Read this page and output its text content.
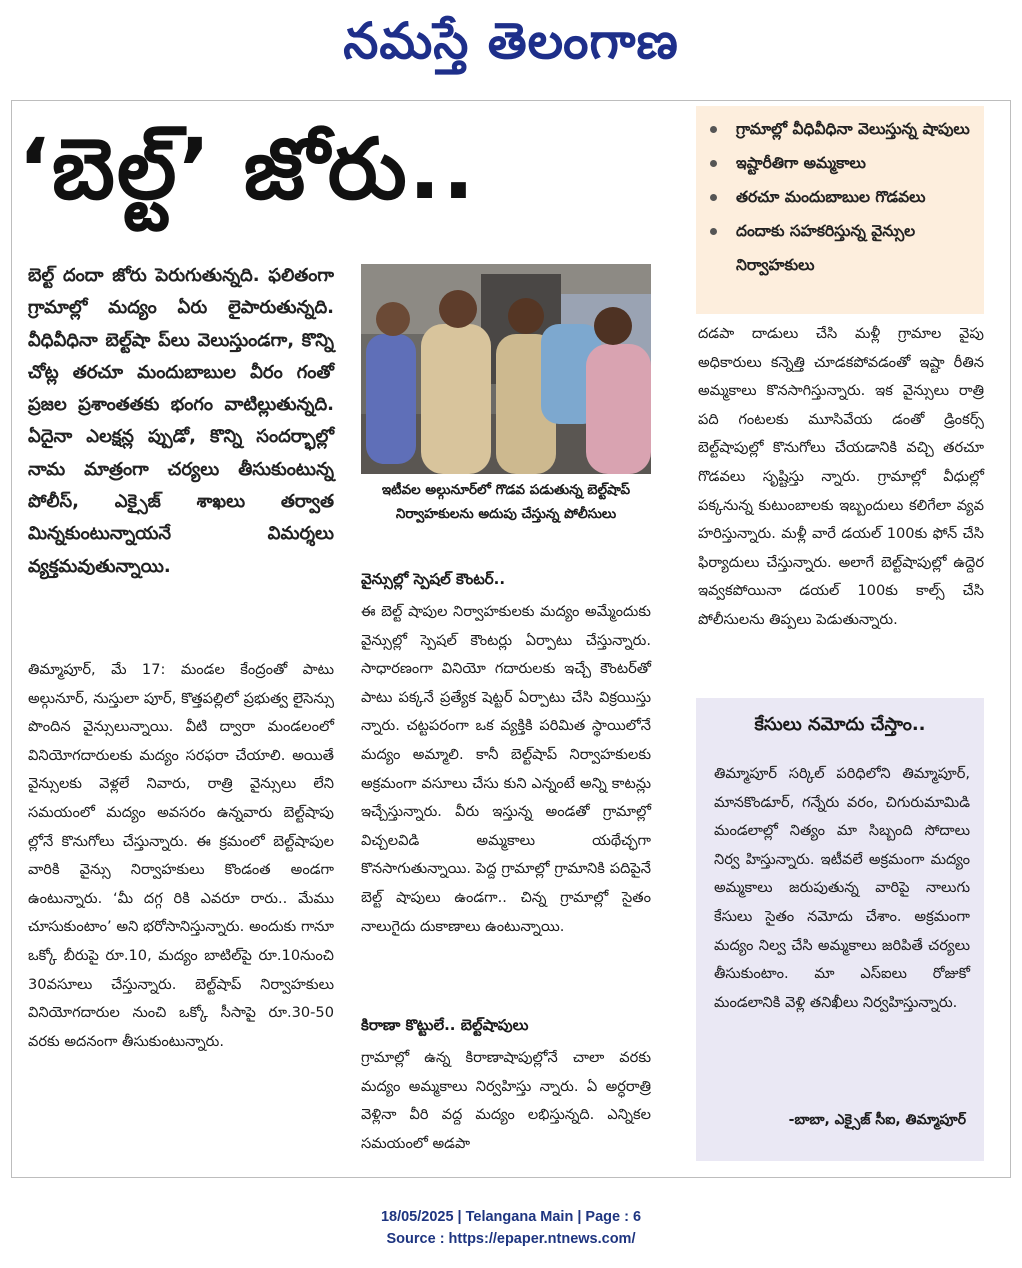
నమస్తే తెలంగాణ
‘బెల్ట్’ జోరు..

బెల్ట్ దందా జోరు పెరుగుతున్నది. ఫలితంగా గ్రామాల్లో మద్యం ఏరు లైపారుతున్నది. వీధివీధినా బెల్ట్‌షా ప్‌లు వెలుస్తుండగా, కొన్ని చోట్ల తరచూ మందుబాబుల వీరం గంతో ప్రజల ప్రశాంతతకు భంగం వాటిల్లుతున్నది. ఏదైనా ఎలక్షన్ల ప్పుడో, కొన్ని సందర్భాల్లో నామ మాత్రంగా చర్యలు తీసుకుంటున్న పోలీస్, ఎక్సైజ్ శాఖలు తర్వాత మిన్నకుంటున్నాయనే విమర్శలు వ్యక్తమవుతున్నాయి.

తిమ్మాపూర్, మే 17: మండల కేంద్రంతో పాటు అల్గునూర్, నుస్తులా పూర్, కొత్తపల్లిలో ప్రభుత్వ లైసెన్సు పొందిన వైన్సులున్నాయి. వీటి ద్వారా మండలంలో వినియోగదారులకు మద్యం సరఫరా చేయాలి. అయితే వైన్సులకు వెళ్లలే నివారు, రాత్రి వైన్సులు లేని సమయంలో మద్యం అవసరం ఉన్నవారు బెల్ట్‌షాపు ల్లోనే కొనుగోలు చేస్తున్నారు. ఈ క్రమంలో బెల్ట్‌షాపుల వారికి వైన్సు నిర్వాహకులు కొండంత అండగా ఉంటున్నారు. ‘మీ దగ్గ రికి ఎవరూ రారు.. మేము చూసుకుంటాం’ అని భరోసానిస్తున్నారు. అందుకు గానూ ఒక్కో బీరుపై రూ.10, మద్యం బాటిల్‌పై రూ.10నుంచి 30వసూలు చేస్తున్నారు. బెల్ట్‌షాప్ నిర్వాహకులు వినియోగదారుల నుంచి ఒక్కో సీసాపై రూ.30-50 వరకు అదనంగా తీసుకుంటున్నారు.

ఇటీవల అల్గునూర్‌లో గొడవ పడుతున్న బెల్ట్‌షాప్ నిర్వాహకులను అదుపు చేస్తున్న పోలీసులు
వైన్సుల్లో స్పెషల్ కౌంటర్..

ఈ బెల్ట్ షాపుల నిర్వాహకులకు మద్యం అమ్మేందుకు వైన్సుల్లో స్పెషల్ కౌంటర్లు ఏర్పాటు చేస్తున్నారు. సాధారణంగా వినియో గదారులకు ఇచ్చే కౌంటర్‌తో పాటు పక్కనే ప్రత్యేక షెట్టర్ ఏర్పాటు చేసి విక్రయిస్తు న్నారు. చట్టపరంగా ఒక వ్యక్తికి పరిమిత స్థాయిలోనే మద్యం అమ్మాలి. కానీ బెల్ట్‌షాప్ నిర్వాహకులకు అక్రమంగా వసూలు చేసు కుని ఎన్నంటే అన్ని కాటన్లు ఇచ్చేస్తున్నారు. వీరు ఇస్తున్న అండతో గ్రామాల్లో విచ్చలవిడి అమ్మకాలు యథేచ్ఛగా కొనసాగుతున్నాయి. పెద్ద గ్రామాల్లో గ్రామానికి పదిపైనే బెల్ట్ షాపులు ఉండగా.. చిన్న గ్రామాల్లో సైతం నాలుగైదు దుకాణాలు ఉంటున్నాయి.

కిరాణా కొట్టులే.. బెల్ట్‌షాపులు

గ్రామాల్లో ఉన్న కిరాణాషాపుల్లోనే చాలా వరకు మద్యం అమ్మకాలు నిర్వహిస్తు న్నారు. ఏ అర్ధరాత్రి వెళ్లినా వీరి వద్ద మద్యం లభిస్తున్నది. ఎన్నికల సమయంలో అడపా

గ్రామాల్లో వీధివీధినా వెలుస్తున్న షాపులు
ఇష్టారీతిగా అమ్మకాలు
తరచూ మందుబాబుల గొడవలు
దందాకు సహకరిస్తున్న వైన్సుల నిర్వాహకులు

దడపా దాడులు చేసి మళ్లీ గ్రామాల వైపు అధికారులు కన్నెత్తి చూడకపోవడంతో ఇష్టా రీతిన అమ్మకాలు కొనసాగిస్తున్నారు. ఇక వైన్సులు రాత్రి పది గంటలకు మూసివేయ డంతో డ్రింకర్స్ బెల్ట్‌షాపుల్లో కొనుగోలు చేయడానికి వచ్చి తరచూ గొడవలు సృష్టిస్తు న్నారు. గ్రామాల్లో వీధుల్లో పక్కనున్న కుటుంబాలకు ఇబ్బందులు కలిగేలా వ్యవ హరిస్తున్నారు. మళ్లీ వారే డయల్ 100కు ఫోన్ చేసి ఫిర్యాదులు చేస్తున్నారు. అలాగే బెల్ట్‌షాపుల్లో ఉద్దెర ఇవ్వకపోయినా డయల్ 100కు కాల్స్ చేసి పోలీసులను తిప్పలు పెడుతున్నారు.

కేసులు నమోదు చేస్తాం..
తిమ్మాపూర్ సర్కిల్ పరిధిలోని తిమ్మాపూర్, మానకొండూర్, గన్నేరు వరం, చిగురుమామిడి మండలాల్లో నిత్యం మా సిబ్బంది సోదాలు నిర్వ హిస్తున్నారు. ఇటీవలే అక్రమంగా మద్యం అమ్మకాలు జరుపుతున్న వారిపై నాలుగు కేసులు సైతం నమోదు చేశాం. అక్రమంగా మద్యం నిల్వ చేసి అమ్మకాలు జరిపితే చర్యలు తీసుకుంటాం. మా ఎస్ఐలు రోజుకో మండలానికి వెళ్లి తనిఖీలు నిర్వహిస్తున్నారు.
-బాబా, ఎక్సైజ్ సీఐ, తిమ్మాపూర్
18/05/2025 | Telangana Main | Page : 6
Source : https://epaper.ntnews.com/
